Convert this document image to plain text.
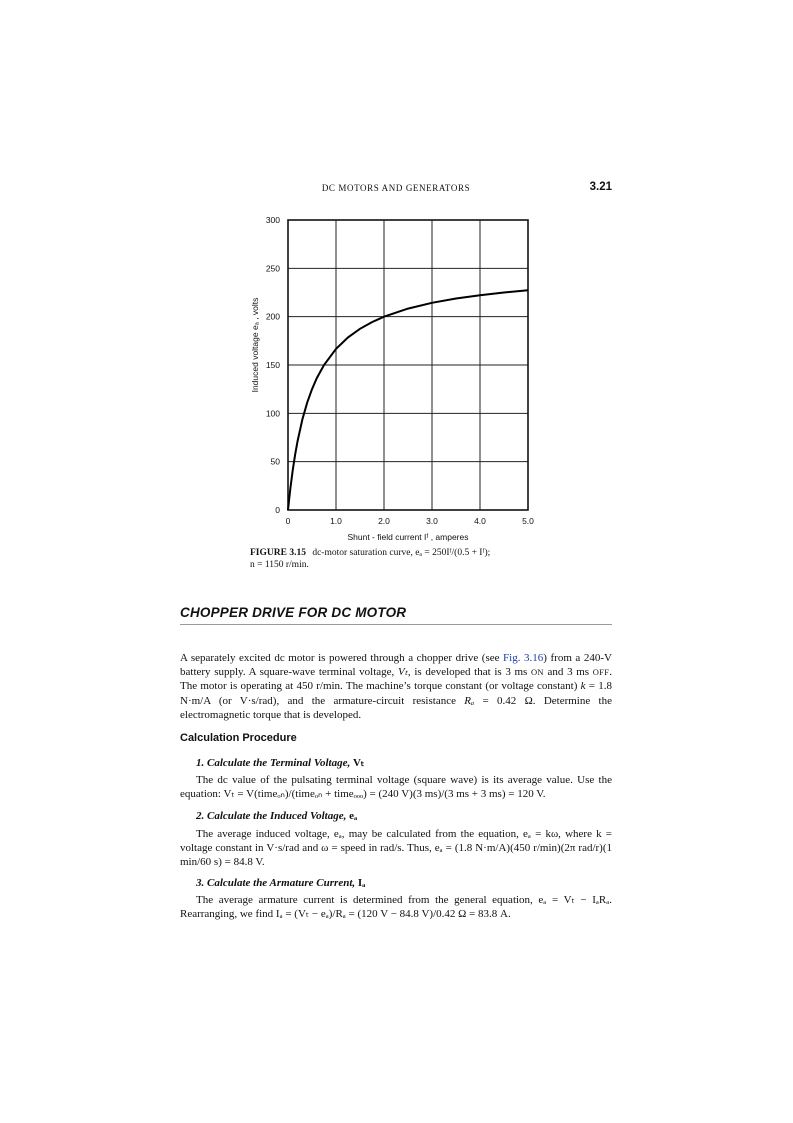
DC MOTORS AND GENERATORS	3.21
0	1.0	2.0	3.0	4.0	5.0
0
50
100
150
200
250
300
Shunt - field current Iᶠ , amperes
Induced voltage eₐ , volts
FIGURE 3.15 dc-motor saturation curve, eₐ = 250Iᶠ/(0.5 + Iᶠ);
n = 1150 r/min.
CHOPPER DRIVE FOR DC MOTOR

A separately excited dc motor is powered through a chopper drive (see Fig. 3.16) from a 240-V battery supply. A square-wave terminal voltage, Vₜ, is developed that is 3 ms ON and 3 ms OFF. The motor is operating at 450 r/min. The machine’s torque constant (or voltage constant) k = 1.8 N·m/A (or V·s/rad), and the armature-circuit resistance Rₐ = 0.42 Ω. Determine the electromagnetic torque that is developed.

Calculation Procedure

1. Calculate the Terminal Voltage, Vₜ

The dc value of the pulsating terminal voltage (square wave) is its average value. Use the equation: Vₜ = V(timeₒₙ)/(timeₒₙ + timeₒₒₒ) = (240 V)(3 ms)/(3 ms + 3 ms) = 120 V.

2. Calculate the Induced Voltage, eₐ

The average induced voltage, eₐ, may be calculated from the equation, eₐ = kω, where k = voltage constant in V·s/rad and ω = speed in rad/s. Thus, eₐ = (1.8 N·m/A)(450 r/min)(2π rad/r)(1 min/60 s) = 84.8 V.

3. Calculate the Armature Current, Iₐ

The average armature current is determined from the general equation, eₐ = Vₜ − IₐRₐ. Rearranging, we find Iₐ = (Vₜ − eₐ)/Rₐ = (120 V − 84.8 V)/0.42 Ω = 83.8 A.
